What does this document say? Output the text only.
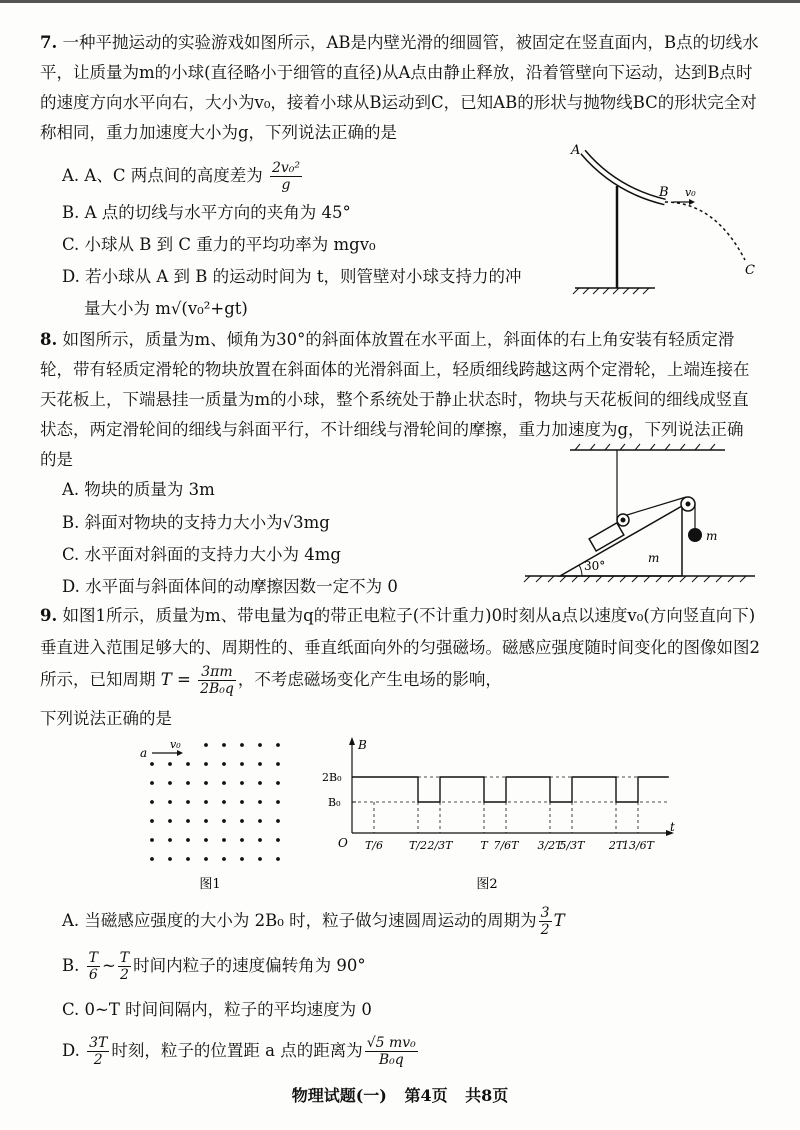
7. 一种平抛运动的实验游戏如图所示，AB是内壁光滑的细圆管，被固定在竖直面内，B点的切线水平，让质量为m的小球(直径略小于细管的直径)从A点由静止释放，沿着管壁向下运动，达到B点时的速度方向水平向右，大小为v₀，接着小球从B运动到C，已知AB的形状与抛物线BC的形状完全对称相同，重力加速度大小为g，下列说法正确的是

A. A、C 两点间的高度差为 $\frac{\text{2v₀²}}{g}$
B. A 点的切线与水平方向的夹角为 45°
C. 小球从 B 到 C 重力的平均功率为 mgv₀
D. 若小球从 A 到 B 的运动时间为 t，则管壁对小球支持力的冲
量大小为 m√(v₀²+gt)
A
B v₀
C

8. 如图所示，质量为m、倾角为30°的斜面体放置在水平面上，斜面体的右上角安装有轻质定滑轮，带有轻质定滑轮的物块放置在斜面体的光滑斜面上，轻质细线跨越这两个定滑轮，上端连接在天花板上，下端悬挂一质量为m的小球，整个系统处于静止状态时，物块与天花板间的细线成竖直状态，两定滑轮间的细线与斜面平行，不计细线与滑轮间的摩擦，重力加速度为g，下列说法正确的是

A. 物块的质量为 3m
B. 斜面对物块的支持力大小为√3mg
C. 水平面对斜面的支持力大小为 4mg
D. 水平面与斜面体间的动摩擦因数一定不为 0
30°
m
m

9. 如图1所示，质量为m、带电量为q的带正电粒子(不计重力)0时刻从a点以速度v₀(方向竖直向下)垂直进入范围足够大的、周期性的、垂直纸面向外的匀强磁场。磁感应强度随时间变化的图像如图2所示，已知周期 $T = \frac{3\pi m}{\text{2B₀q}}$ ，不考虑磁场变化产生电场的影响，

下列说法正确的是

a
v₀
图1
B
t
O
2B₀
B₀
T/6 T/2 2/3T	T 7/6T 3/2T
5/3T 2T
13/6T
图2
A. 当磁感应强度的大小为 2B₀ 时，粒子做匀速圆周运动的周期为 $\frac{3}{2}$ T
B. $\frac{T}{6}$ ~ $\frac{T}{2}$ 时间内粒子的速度偏转角为 90°
C. 0~T 时间间隔内，粒子的平均速度为 0
D. $\frac{3T}{2}$ 时刻，粒子的位置距 a 点的距离为 $\frac{\text{√5 mv₀}}{\text{B₀q}}$
物理试题(一) 第4页 共8页
